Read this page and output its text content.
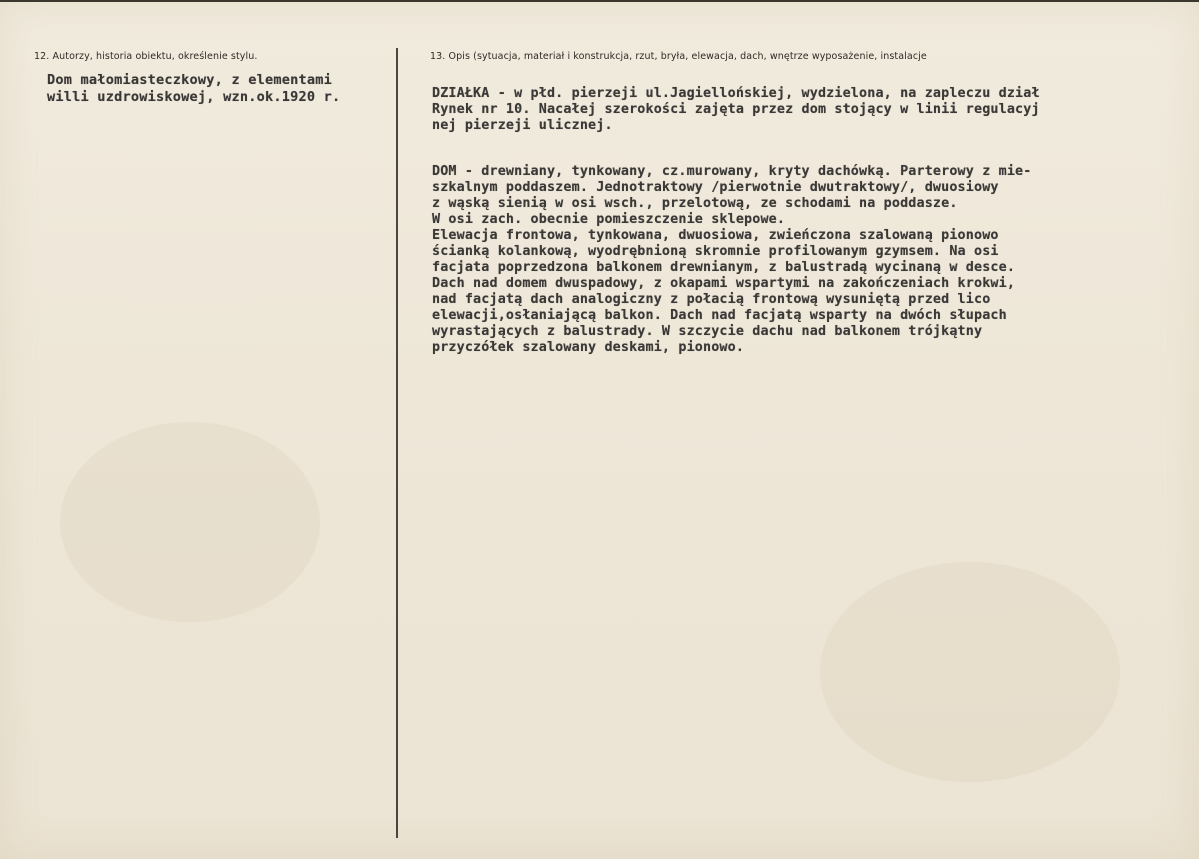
12. Autorzy, historia obiektu, określenie stylu.	13. Opis (sytuacja, materiał i konstrukcja, rzut, bryła, elewacja, dach, wnętrze wyposażenie, instalacje
Dom małomiasteczkowy, z elementami
willi uzdrowiskowej, wzn.ok.1920 r.	DZIAŁKA - w płd. pierzeji ul.Jagiellońskiej, wydzielona, na zapleczu dział
Rynek nr 10. Nacałej szerokości zajęta przez dom stojący w linii regulacyj
nej pierzeji ulicznej.
DOM - drewniany, tynkowany, cz.murowany, kryty dachówką. Parterowy z mie-
szkalnym poddaszem. Jednotraktowy /pierwotnie dwutraktowy/, dwuosiowy
z wąską sienią w osi wsch., przelotową, ze schodami na poddasze.
W osi zach. obecnie pomieszczenie sklepowe.
Elewacja frontowa, tynkowana, dwuosiowa, zwieńczona szalowaną pionowo
ścianką kolankową, wyodrębnioną skromnie profilowanym gzymsem. Na osi
facjata poprzedzona balkonem drewnianym, z balustradą wycinaną w desce.
Dach nad domem dwuspadowy, z okapami wspartymi na zakończeniach krokwi,
nad facjatą dach analogiczny z połacią frontową wysuniętą przed lico
elewacji,osłaniającą balkon. Dach nad facjatą wsparty na dwóch słupach
wyrastających z balustrady. W szczycie dachu nad balkonem trójkątny
przyczółek szalowany deskami, pionowo.
